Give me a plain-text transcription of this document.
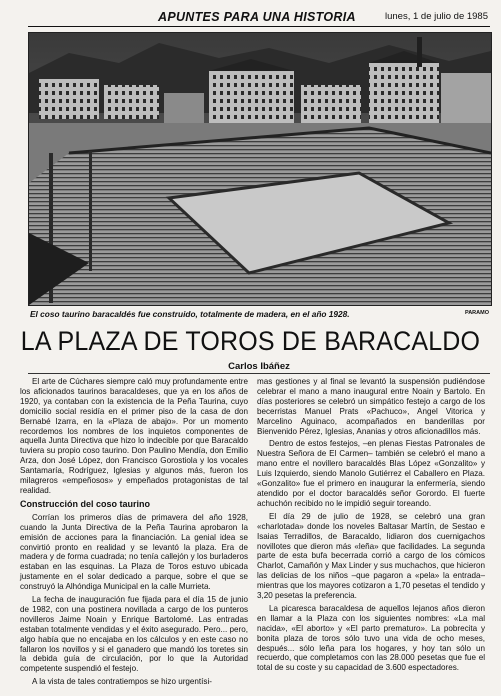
APUNTES PARA UNA HISTORIA	lunes, 1 de julio de 1985
El coso taurino baracaldés fue construido, totalmente de madera, en el año 1928.	PARAMO
LA PLAZA DE TOROS DE BARACALDO
Carlos Ibáñez

El arte de Cúchares siempre caló muy profundamente entre los aficionados taurinos baracaldeses, que ya en los años de 1920, ya contaban con la existencia de la Peña Taurina, cuyo domicilio social residía en el primer piso de la casa de don Bernabé Izarra, en la «Plaza de abajo». Por un momento recordemos los nombres de los inquietos componentes de aquella Junta Directiva que hizo lo indecible por que Baracaldo tuviera su propio coso taurino. Don Paulino Mendía, don Emilio Arza, don José López, don Francisco Gorostiola y los vocales Santamaría, Rodríguez, Iglesias y algunos más, fueron los milagreros «empeñosos» y empeñados protagonistas de tal realidad.

Construcción del coso taurino

Corrían los primeros días de primavera del año 1928, cuando la Junta Directiva de la Peña Taurina aprobaron la emisión de acciones para la financiación. La genial idea se convirtió pronto en realidad y se levantó la plaza. Era de madera y de forma cuadrada; no tenía callejón y los burladeros estaban en las esquinas. La Plaza de Toros estuvo ubicada justamente en el solar dedicado a parque, sobre el que se construyó la Alhóndiga Municipal en la calle Murrieta.

La fecha de inauguración fue fijada para el día 15 de junio de 1982, con una postinera novillada a cargo de los punteros novilleros Jaime Noain y Enrique Bartolomé. Las entradas estaban totalmente vendidas y el éxito asegurado. Pero... pero, algo había que no encajaba en los cálculos y en este caso no fallaron los novillos y si el ganadero que mandó los toretes sin la debida guía de circulación, por lo que la Autoridad competente suspendió el festejo.

A la vista de tales contratiempos se hizo urgentísi-

mas gestiones y al final se levantó la suspensión pudiéndose celebrar el mano a mano inaugural entre Noain y Bartolo. En días posteriores se celebró un simpático festejo a cargo de los becerristas Manuel Prats «Pachuco», Angel Vitorica y Marcelino Aguinaco, acompañados en banderillas por Bienvenido Pérez, Iglesias, Ananias y otros aficionadillos más.

Dentro de estos festejos, –en plenas Fiestas Patronales de Nuestra Señora de El Carmen– también se celebró el mano a mano entre el novillero baracaldés Blas López «Gonzalito» y Luis Izquierdo, siendo Manolo Gutiérrez el Caballero en Plaza. «Gonzalito» fue el primero en inaugurar la enfermería, siendo atendido por el doctor baracaldés señor Gorordo. El fuerte achuchón recibido no le impidió seguir toreando.

El día 29 de julio de 1928, se celebró una gran «charlotada» donde los noveles Baltasar Martín, de Sestao e Isaias Terradillos, de Baracaldo, lidiaron dos cuernigachos novillotes que dieron más «leña» que facilidades. La segunda parte de esta bufa becerrada corrió a cargo de los cómicos Charlot, Camañón y Max Linder y sus muchachos, que hicieron las delicias de los niños –que pagaron a «pela» la entrada– mientras que los mayores cotizaron a 1,70 pesetas el tendido y 3,20 pesetas la preferencia.

La picaresca baracaldesa de aquellos lejanos años dieron en llamar a la Plaza con los siguientes nombres: «La mal nacida», «El aborto» y «El parto prematuro». La pobrecita y bonita plaza de toros sólo tuvo una vida de ocho meses, después... sólo leña para los hogares, y hoy tan sólo un recuerdo, que completamos con las 28.000 pesetas que fue el total de su coste y su capacidad de 3.600 espectadores.
